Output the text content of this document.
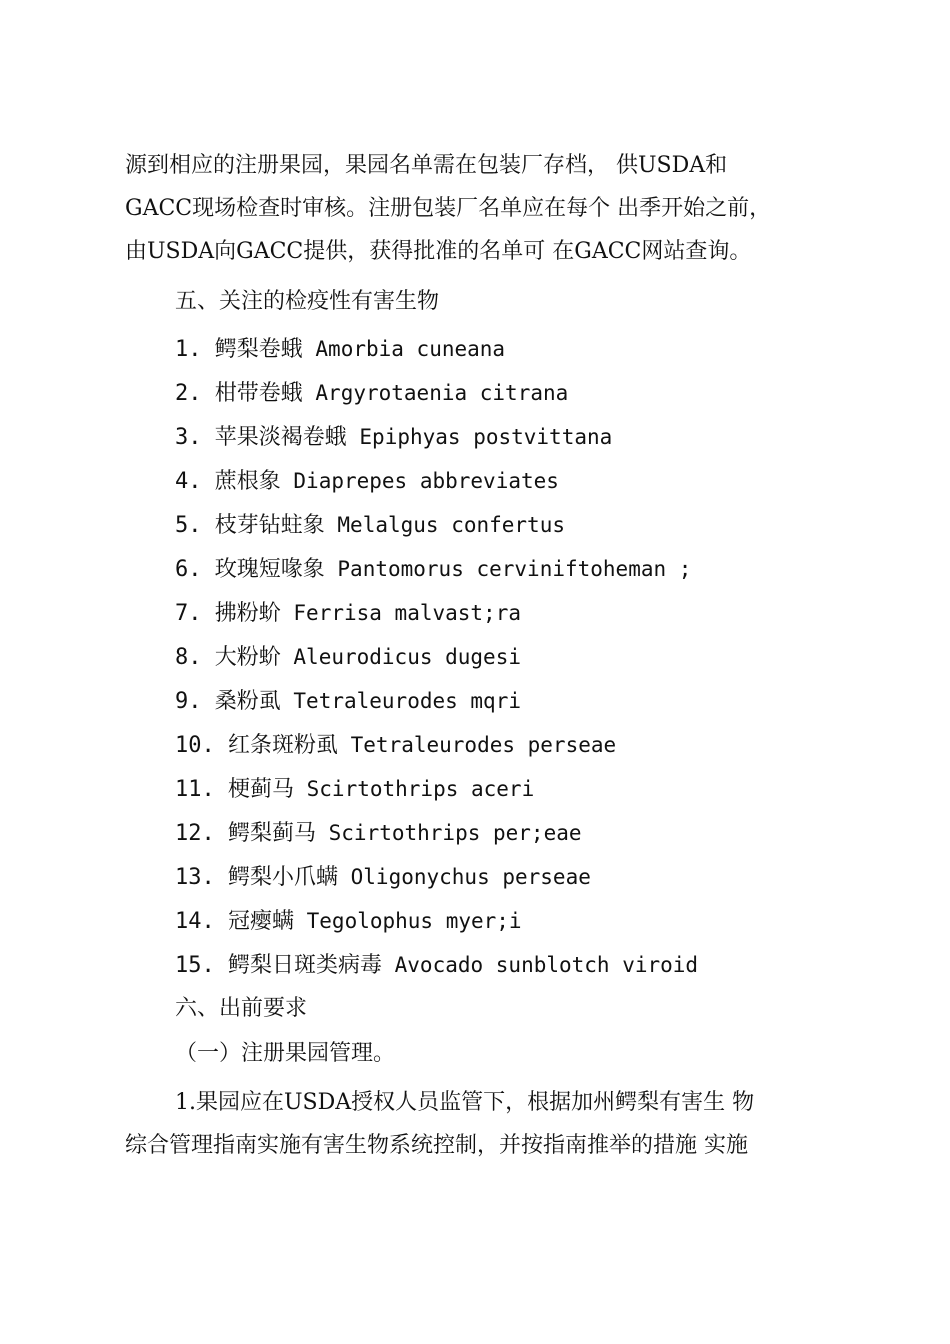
源到相应的注册果园，果园名单需在包装厂存档， 供USDA和
GACC现场检查时审核。注册包装厂名单应在每个 出季开始之前，
由USDA向GACC提供，获得批准的名单可 在GACC网站查询。
五、关注的检疫性有害生物
1. 鳄梨卷蛾 Amorbia cuneana
2. 柑带卷蛾 Argyrotaenia citrana
3. 苹果淡褐卷蛾 Epiphyas postvittana
4. 蔗根象 Diaprepes abbreviates
5. 枝芽钻蛀象 Melalgus confertus
6. 玫瑰短喙象 Pantomorus cerviniftoheman ;
7. 拂粉蚧 Ferrisa malvast;ra
8. 大粉蚧 Aleurodicus dugesi
9. 桑粉虱 Tetraleurodes mqri
10. 红条斑粉虱 Tetraleurodes perseae
11. 梗蓟马 Scirtothrips aceri
12. 鳄梨蓟马 Scirtothrips per;eae
13. 鳄梨小爪螨 Oligonychus perseae
14. 冠瘿螨 Tegolophus myer;i
15. 鳄梨日斑类病毒 Avocado sunblotch viroid
六、出前要求
（一）注册果园管理。
1.果园应在USDA授权人员监管下，根据加州鳄梨有害生 物
综合管理指南实施有害生物系统控制，并按指南推举的措施 实施
